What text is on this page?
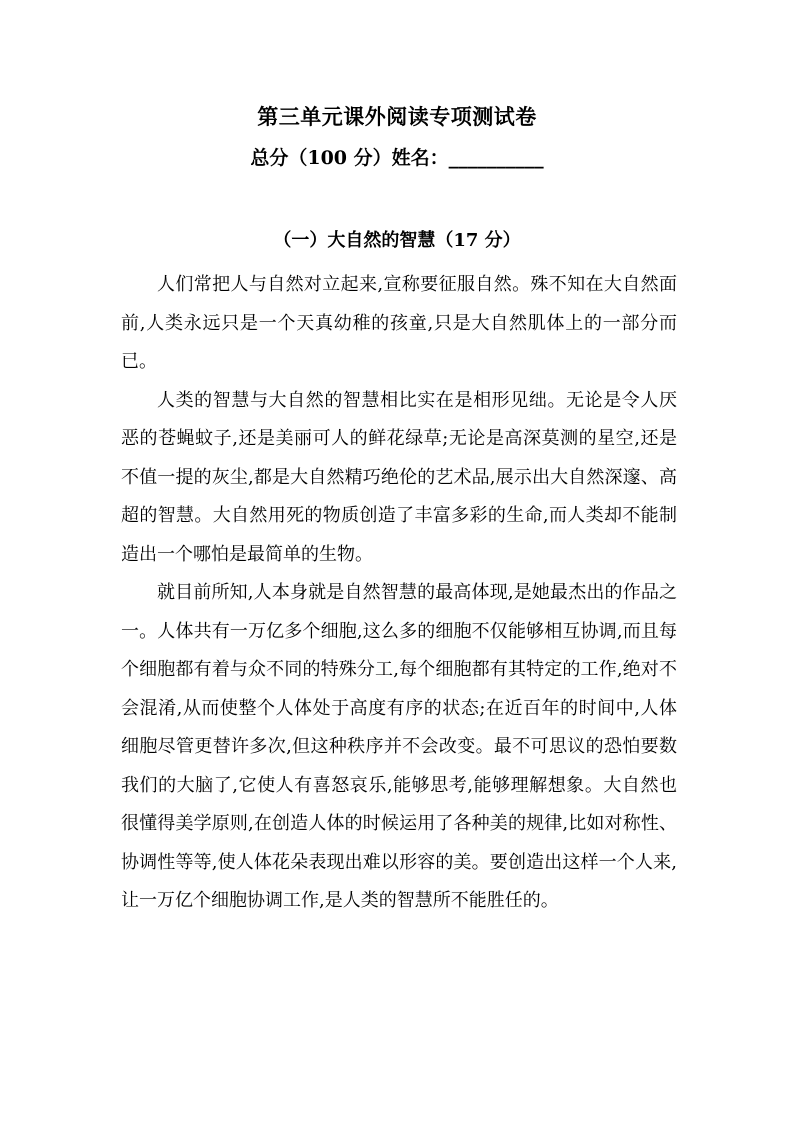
第三单元课外阅读专项测试卷
总分（100 分）姓名：__________
（一）大自然的智慧（17 分）

人们常把人与自然对立起来,宣称要征服自然。殊不知在大自然面前,人类永远只是一个天真幼稚的孩童,只是大自然肌体上的一部分而已。

人类的智慧与大自然的智慧相比实在是相形见绌。无论是令人厌恶的苍蝇蚊子,还是美丽可人的鲜花绿草;无论是高深莫测的星空,还是不值一提的灰尘,都是大自然精巧绝伦的艺术品,展示出大自然深邃、高超的智慧。大自然用死的物质创造了丰富多彩的生命,而人类却不能制造出一个哪怕是最简单的生物。

就目前所知,人本身就是自然智慧的最高体现,是她最杰出的作品之一。人体共有一万亿多个细胞,这么多的细胞不仅能够相互协调,而且每个细胞都有着与众不同的特殊分工,每个细胞都有其特定的工作,绝对不会混淆,从而使整个人体处于高度有序的状态;在近百年的时间中,人体细胞尽管更替许多次,但这种秩序并不会改变。最不可思议的恐怕要数我们的大脑了,它使人有喜怒哀乐,能够思考,能够理解想象。大自然也很懂得美学原则,在创造人体的时候运用了各种美的规律,比如对称性、协调性等等,使人体花朵表现出难以形容的美。要创造出这样一个人来,让一万亿个细胞协调工作,是人类的智慧所不能胜任的。
